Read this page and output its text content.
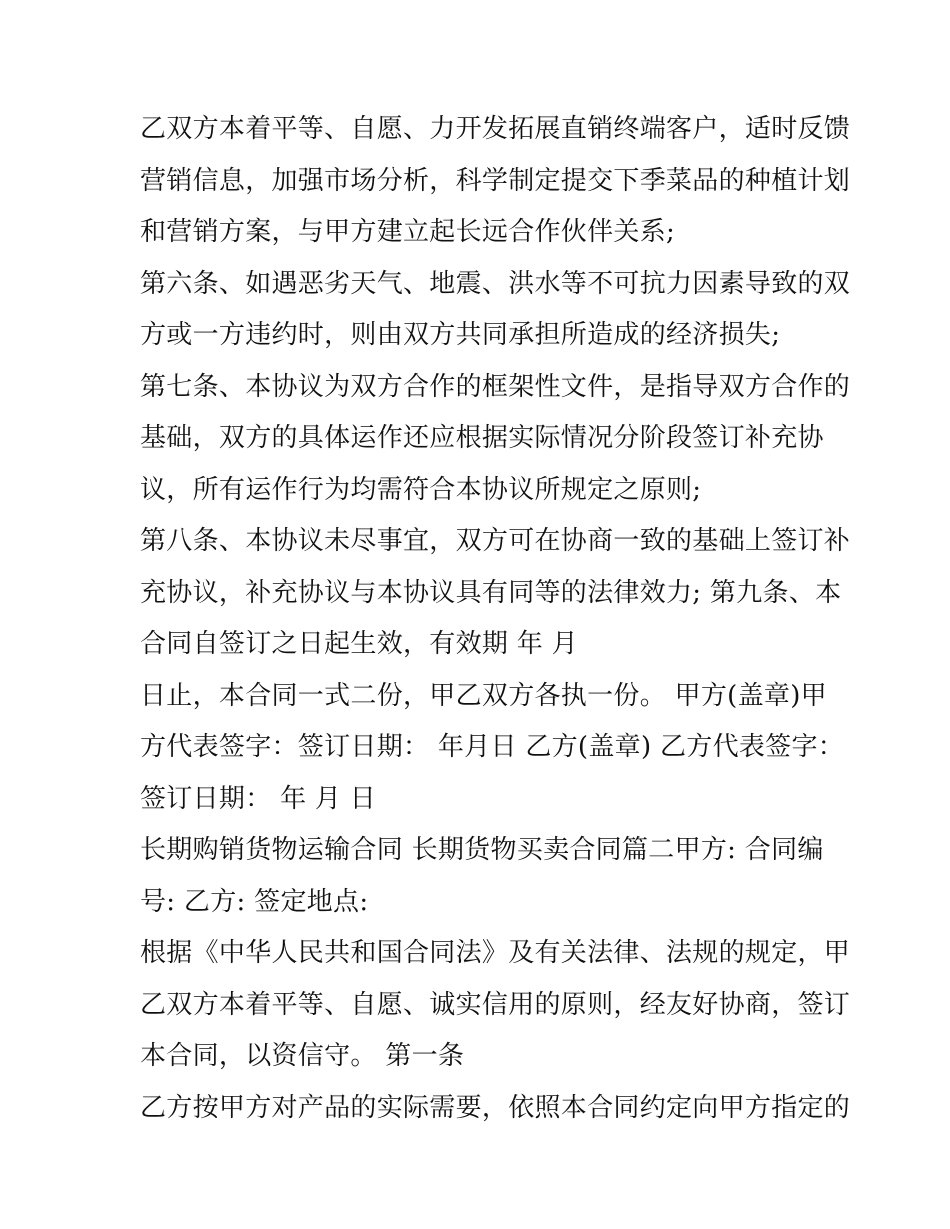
乙双方本着平等、自愿、力开发拓展直销终端客户，适时反馈
营销信息，加强市场分析，科学制定提交下季菜品的种植计划
和营销方案，与甲方建立起长远合作伙伴关系;
第六条、如遇恶劣天气、地震、洪水等不可抗力因素导致的双
方或一方违约时，则由双方共同承担所造成的经济损失;
第七条、本协议为双方合作的框架性文件，是指导双方合作的
基础，双方的具体运作还应根据实际情况分阶段签订补充协
议，所有运作行为均需符合本协议所规定之原则;
第八条、本协议未尽事宜，双方可在协商一致的基础上签订补
充协议，补充协议与本协议具有同等的法律效力; 第九条、本
合同自签订之日起生效，有效期 年 月
日止，本合同一式二份，甲乙双方各执一份。 甲方(盖章)甲
方代表签字：签订日期： 年月日 乙方(盖章) 乙方代表签字：
签订日期： 年 月 日
长期购销货物运输合同 长期货物买卖合同篇二甲方: 合同编
号: 乙方: 签定地点:
根据《中华人民共和国合同法》及有关法律、法规的规定，甲
乙双方本着平等、自愿、诚实信用的原则，经友好协商，签订
本合同，以资信守。 第一条
乙方按甲方对产品的实际需要，依照本合同约定向甲方指定的
